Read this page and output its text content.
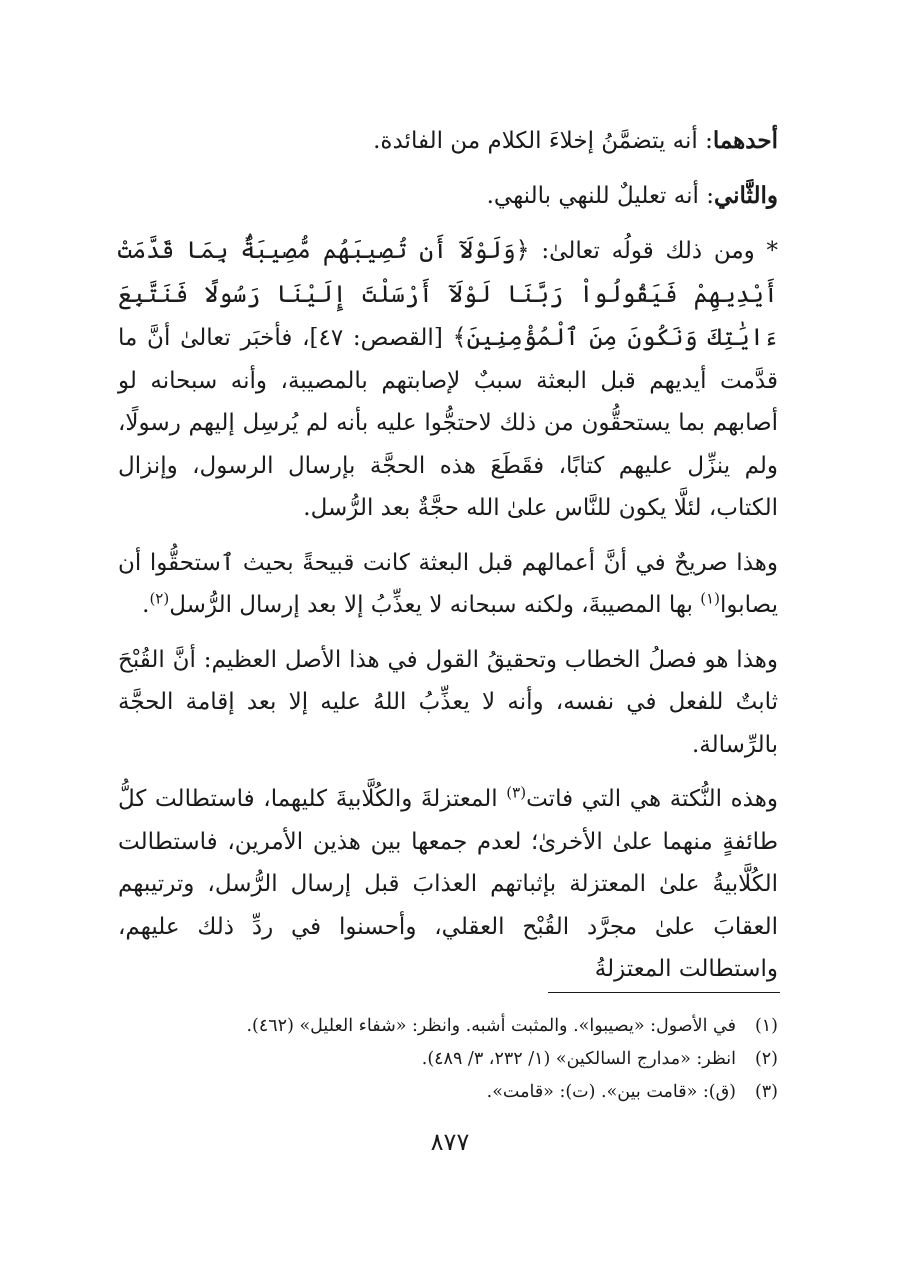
أحدهما: أنه يتضمَّنُ إخلاءَ الكلام من الفائدة.

والثَّاني: أنه تعليلٌ للنهي بالنهي.

* ومن ذلك قولُه تعالىٰ: ﴿وَلَوْلَآ أَن تُصِيبَهُم مُّصِيبَةٌۢ بِمَا قَدَّمَتْ أَيْدِيهِمْ فَيَقُولُواْ رَبَّنَا لَوْلَآ أَرْسَلْتَ إِلَيْنَا رَسُولًا فَنَتَّبِعَ ءَايَٰتِكَ وَنَكُونَ مِنَ ٱلْمُؤْمِنِينَ﴾ [القصص: ٤٧]، فأخبَر تعالىٰ أنَّ ما قدَّمت أيديهم قبل البعثة سببٌ لإصابتهم بالمصيبة، وأنه سبحانه لو أصابهم بما يستحقُّون من ذلك لاحتجُّوا عليه بأنه لم يُرسِل إليهم رسولًا، ولم ينزِّل عليهم كتابًا، فقَطَعَ هذه الحجَّة بإرسال الرسول، وإنزال الكتاب، لئلَّا يكون للنَّاس علىٰ الله حجَّةٌ بعد الرُّسل.

وهذا صريحٌ في أنَّ أعمالهم قبل البعثة كانت قبيحةً بحيث ٱستحقُّوا أن يصابوا$^{(١)}$ بها المصيبةَ، ولكنه سبحانه لا يعذِّبُ إلا بعد إرسال الرُّسل$^{(٢)}$.

وهذا هو فصلُ الخطاب وتحقيقُ القول في هذا الأصل العظيم: أنَّ القُبْحَ ثابتٌ للفعل في نفسه، وأنه لا يعذِّبُ اللهُ عليه إلا بعد إقامة الحجَّة بالرِّسالة.

وهذه النُّكتة هي التي فاتت$^{(٣)}$ المعتزلةَ والكُلَّابيةَ كليهما، فاستطالت كلُّ طائفةٍ منهما علىٰ الأخرىٰ؛ لعدم جمعها بين هذين الأمرين، فاستطالت الكُلَّابيةُ علىٰ المعتزلة بإثباتهم العذابَ قبل إرسال الرُّسل، وترتيبهم العقابَ علىٰ مجرَّد القُبْح العقلي، وأحسنوا في ردِّ ذلك عليهم، واستطالت المعتزلةُ

(١)
في الأصول: «يصيبوا». والمثبت أشبه. وانظر: «شفاء العليل» (٤٦٢).
(٢)
انظر: «مدارج السالكين» (١/ ٢٣٢، ٣/ ٤٨٩).
(٣)
(ق): «قامت بين». (ت): «قامت».
٨٧٧
